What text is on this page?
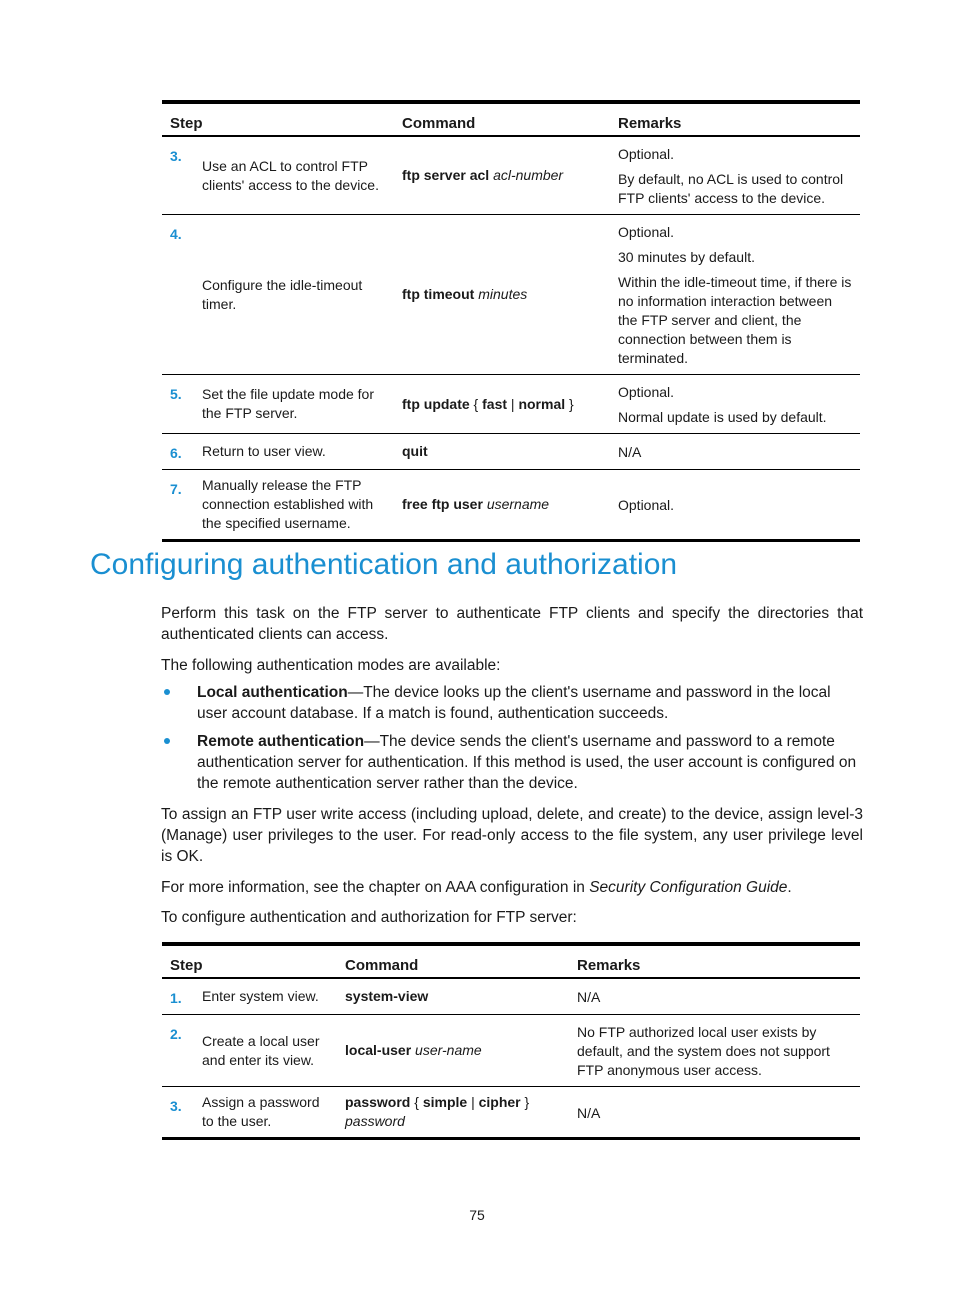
Step		Command	Remarks
3.	Use an ACL to control FTP clients' access to the device.	ftp server acl acl-number	Optional.

By default, no ACL is used to control FTP clients' access to the device.

4.	Configure the idle-timeout timer.	ftp timeout minutes	Optional.

30 minutes by default.

Within the idle-timeout time, if there is no information interaction between the FTP server and client, the connection between them is terminated.

5.	Set the file update mode for the FTP server.	ftp update { fast | normal }	Optional.

Normal update is used by default.

6.	Return to user view.	quit	N/A

7.	Manually release the FTP connection established with the specified username.	free ftp user username	Optional.

Configuring authentication and authorization

Perform this task on the FTP server to authenticate FTP clients and specify the directories that authenticated clients can access.

The following authentication modes are available:

Local authentication—The device looks up the client's username and password in the local user account database. If a match is found, authentication succeeds.
Remote authentication—The device sends the client's username and password to a remote authentication server for authentication. If this method is used, the user account is configured on the remote authentication server rather than the device.

To assign an FTP user write access (including upload, delete, and create) to the device, assign level-3 (Manage) user privileges to the user. For read-only access to the file system, any user privilege level is OK.

For more information, see the chapter on AAA configuration in Security Configuration Guide.

To configure authentication and authorization for FTP server:

Step		Command	Remarks
1.	Enter system view.	system-view	N/A

2.	Create a local user and enter its view.	local-user user-name	No FTP authorized local user exists by default, and the system does not support FTP anonymous user access.

3.	Assign a password to the user.	password { simple | cipher } password	N/A

75
